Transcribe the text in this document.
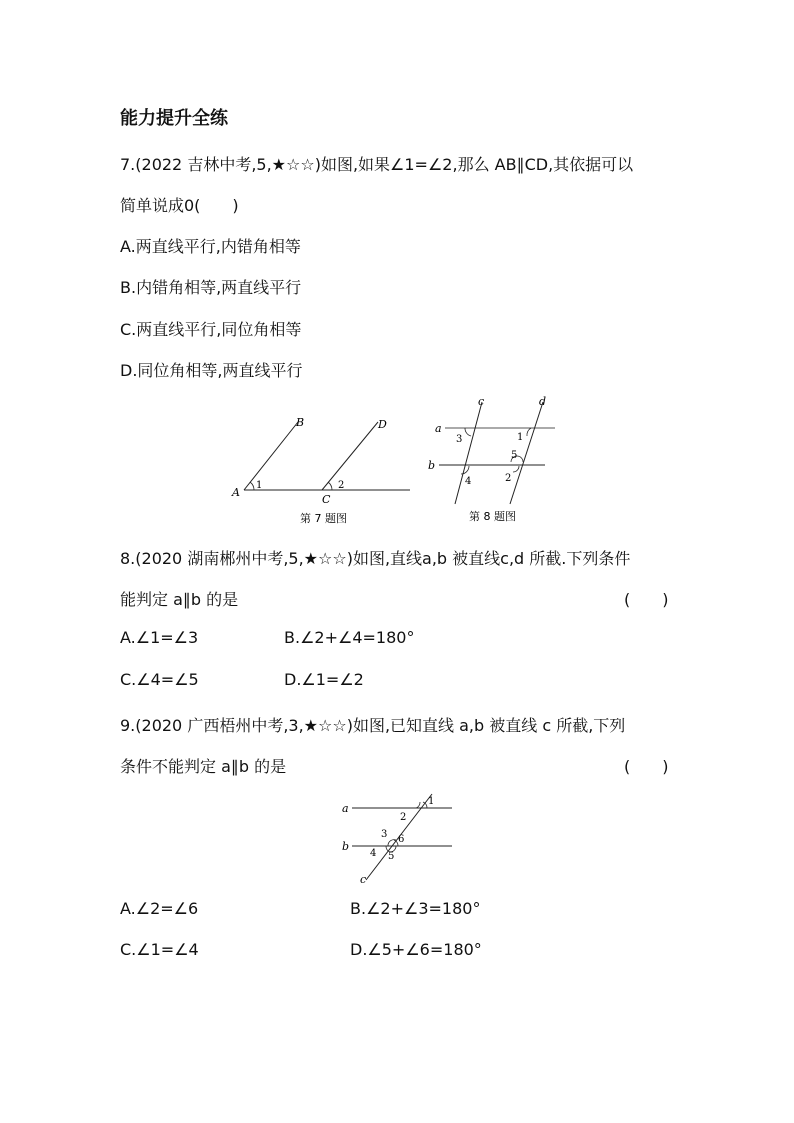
能力提升全练
7.(2022 吉林中考,5,★☆☆)如图,如果∠1=∠2,那么 AB∥CD,其依据可以
简单说成0(　　)
A.两直线平行,内错角相等
B.内错角相等,两直线平行
C.两直线平行,同位角相等
D.同位角相等,两直线平行
A
B
C
D
1	2
第 7 题图
a
b
c	d
3	1
5
4	2
第 8 题图
8.(2020 湖南郴州中考,5,★☆☆)如图,直线a,b 被直线c,d 所截.下列条件
能判定 a∥b 的是	(　　)
A.∠1=∠3	B.∠2+∠4=180°
C.∠4=∠5	D.∠1=∠2
9.(2020 广西梧州中考,3,★☆☆)如图,已知直线 a,b 被直线 c 所截,下列
条件不能判定 a∥b 的是	(　　)
a
b
c
1
2
3 6
4 5
A.∠2=∠6	B.∠2+∠3=180°
C.∠1=∠4	D.∠5+∠6=180°
